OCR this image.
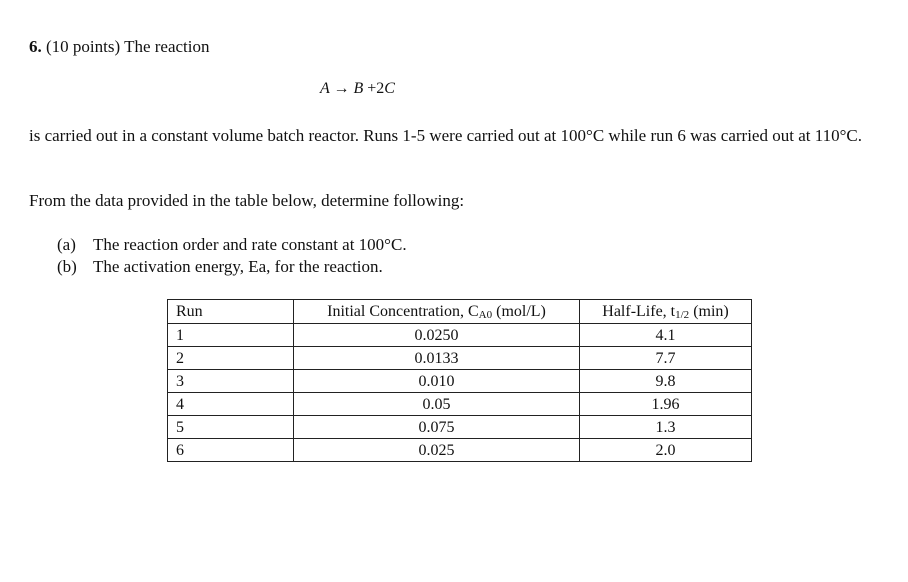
6. (10 points) The reaction
A → B +2C
is carried out in a constant volume batch reactor. Runs 1-5 were carried out at 100°C while run 6 was carried out at 110°C.
From the data provided in the table below, determine following:
(a) The reaction order and rate constant at 100°C.
(b) The activation energy, Ea, for the reaction.
Run	Initial Concentration, $C_{A0}$ (mol/L)	Half-Life, $t_{1/2}$ (min)
1	0.0250	4.1
2	0.0133	7.7
3	0.010	9.8
4	0.05	1.96
5	0.075	1.3
6	0.025	2.0
